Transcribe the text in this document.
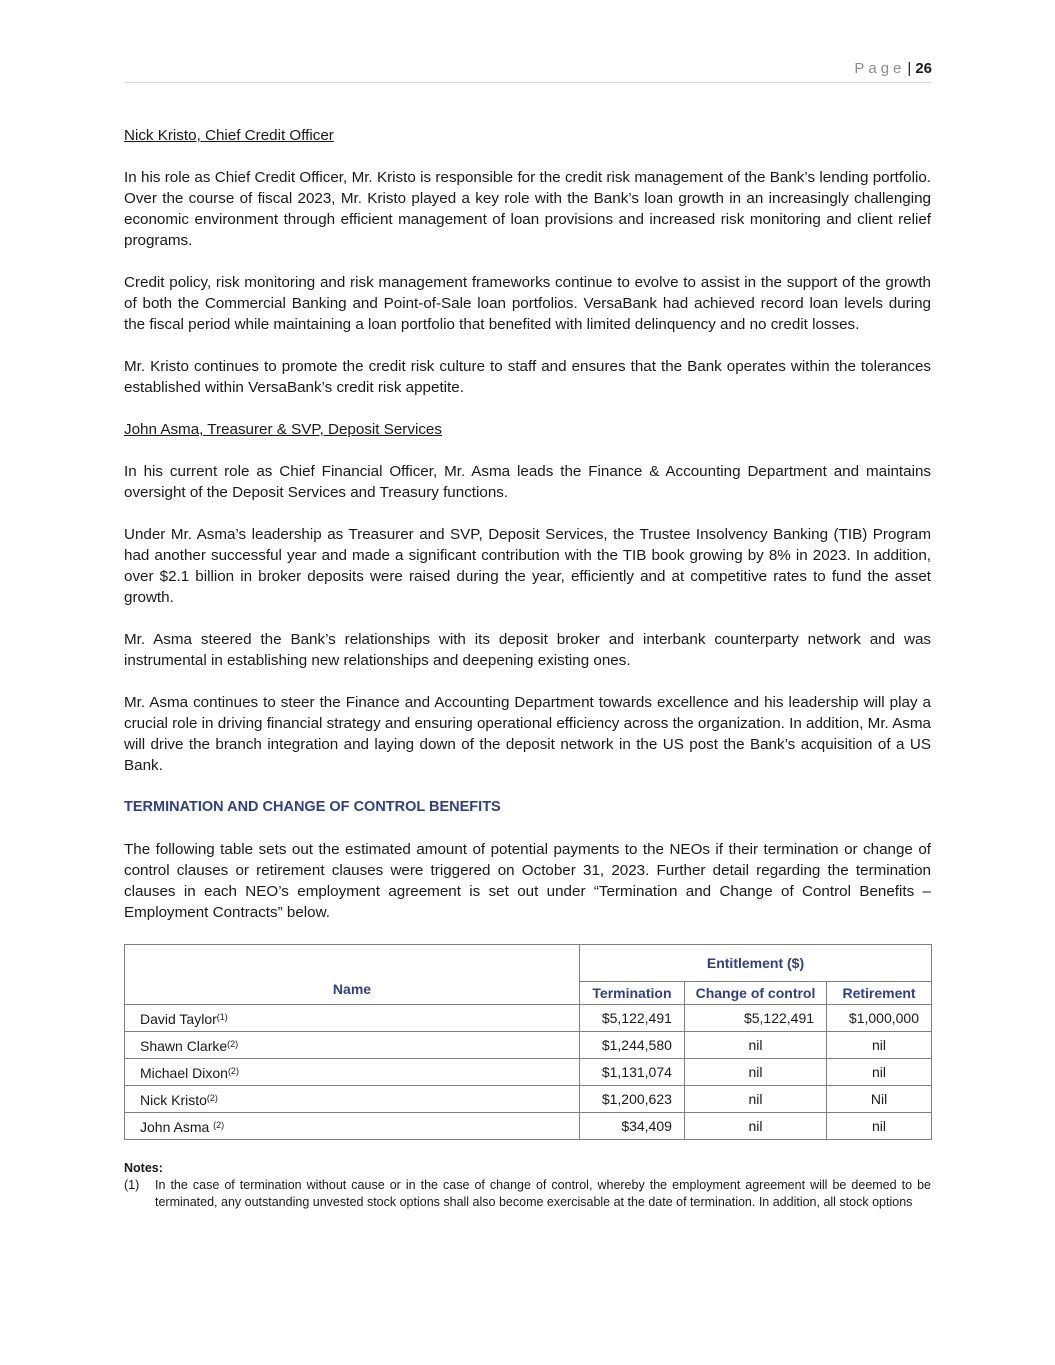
Page | 26

Nick Kristo, Chief Credit Officer

In his role as Chief Credit Officer, Mr. Kristo is responsible for the credit risk management of the Bank’s lending portfolio. Over the course of fiscal 2023, Mr. Kristo played a key role with the Bank’s loan growth in an increasingly challenging economic environment through efficient management of loan provisions and increased risk monitoring and client relief programs.

Credit policy, risk monitoring and risk management frameworks continue to evolve to assist in the support of the growth of both the Commercial Banking and Point-of-Sale loan portfolios. VersaBank had achieved record loan levels during the fiscal period while maintaining a loan portfolio that benefited with limited delinquency and no credit losses.

Mr. Kristo continues to promote the credit risk culture to staff and ensures that the Bank operates within the tolerances established within VersaBank’s credit risk appetite.

John Asma, Treasurer & SVP, Deposit Services

In his current role as Chief Financial Officer, Mr. Asma leads the Finance & Accounting Department and maintains oversight of the Deposit Services and Treasury functions.

Under Mr. Asma’s leadership as Treasurer and SVP, Deposit Services, the Trustee Insolvency Banking (TIB) Program had another successful year and made a significant contribution with the TIB book growing by 8% in 2023. In addition, over $2.1 billion in broker deposits were raised during the year, efficiently and at competitive rates to fund the asset growth.

Mr. Asma steered the Bank’s relationships with its deposit broker and interbank counterparty network and was instrumental in establishing new relationships and deepening existing ones.

Mr. Asma continues to steer the Finance and Accounting Department towards excellence and his leadership will play a crucial role in driving financial strategy and ensuring operational efficiency across the organization. In addition, Mr. Asma will drive the branch integration and laying down of the deposit network in the US post the Bank’s acquisition of a US Bank.

TERMINATION AND CHANGE OF CONTROL BENEFITS

The following table sets out the estimated amount of potential payments to the NEOs if their termination or change of control clauses or retirement clauses were triggered on October 31, 2023. Further detail regarding the termination clauses in each NEO’s employment agreement is set out under “Termination and Change of Control Benefits – Employment Contracts” below.

Name	Entitlement ($)		
	Termination	Change of control	Retirement
David Taylor$^{(1)}$	$5,122,491	$5,122,491	$1,000,000
Shawn Clarke$^{(2)}$	$1,244,580	nil	nil
Michael Dixon$^{(2)}$	$1,131,074	nil	nil
Nick Kristo$^{(2)}$	$1,200,623	nil	Nil
John Asma $^{(2)}$	$34,409	nil	nil
Notes:
(1)	In the case of termination without cause or in the case of change of control, whereby the employment agreement will be deemed to be terminated, any outstanding unvested stock options shall also become exercisable at the date of termination. In addition, all stock options
